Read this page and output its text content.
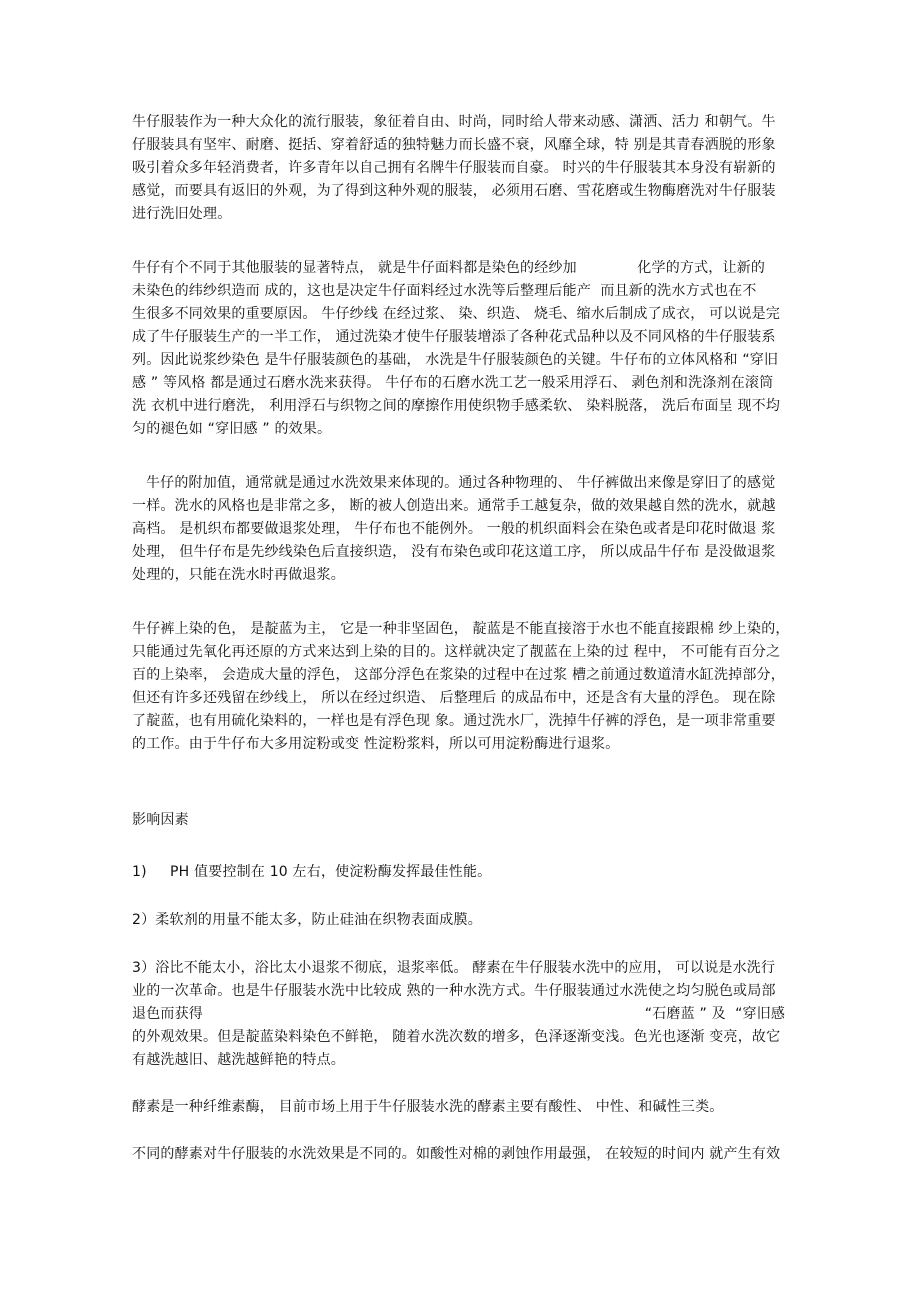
牛仔服装作为一种大众化的流行服装，象征着自由、时尚，同时给人带来动感、潇洒、活力 和朝气。牛
仔服装具有坚牢、耐磨、挺括、穿着舒适的独特魅力而长盛不衰，风靡全球，特 别是其青春洒脱的形象
吸引着众多年轻消费者，许多青年以自己拥有名牌牛仔服装而自豪。 时兴的牛仔服装其本身没有崭新的
感觉，而要具有返旧的外观，为了得到这种外观的服装， 必须用石磨、雪花磨或生物酶磨洗对牛仔服装
进行洗旧处理。
牛仔有个不同于其他服装的显著特点， 就是牛仔面料都是染色的经纱加             化学的方式，让新的
未染色的纬纱织造而 成的，这也是决定牛仔面料经过水洗等后整理后能产  而且新的洗水方式也在不
生很多不同效果的重要原因。 牛仔纱线 在经过浆、 染、织造、 烧毛、缩水后制成了成衣， 可以说是完
成了牛仔服装生产的一半工作， 通过洗染才使牛仔服装增添了各种花式品种以及不同风格的牛仔服装系
列。因此说浆纱染色 是牛仔服装颜色的基础， 水洗是牛仔服装颜色的关键。牛仔布的立体风格和 “穿旧
感 ” 等风格 都是通过石磨水洗来获得。 牛仔布的石磨水洗工艺一般采用浮石、 剥色剂和洗涤剂在滚筒
洗 衣机中进行磨洗， 利用浮石与织物之间的摩擦作用使织物手感柔软、 染料脱落， 洗后布面呈 现不均
匀的褪色如 “穿旧感 ” 的效果。
牛仔的附加值，通常就是通过水洗效果来体现的。通过各种物理的、 牛仔裤做出来像是穿旧了的感觉
一样。洗水的风格也是非常之多， 断的被人创造出来。通常手工越复杂，做的效果越自然的洗水，就越
高档。 是机织布都要做退浆处理， 牛仔布也不能例外。 一般的机织面料会在染色或者是印花时做退 浆
处理， 但牛仔布是先纱线染色后直接织造， 没有布染色或印花这道工序， 所以成品牛仔布 是没做退浆
处理的，只能在洗水时再做退浆。
牛仔裤上染的色， 是靛蓝为主， 它是一种非坚固色， 靛蓝是不能直接溶于水也不能直接跟棉 纱上染的，
只能通过先氧化再还原的方式来达到上染的目的。这样就决定了靓蓝在上染的过 程中， 不可能有百分之
百的上染率， 会造成大量的浮色， 这部分浮色在浆染的过程中在过浆 槽之前通过数道清水缸洗掉部分，
但还有许多还残留在纱线上， 所以在经过织造、 后整理后 的成品布中，还是含有大量的浮色。 现在除
了靛蓝，也有用硫化染料的，一样也是有浮色现 象。通过洗水厂，洗掉牛仔裤的浮色，是一项非常重要
的工作。由于牛仔布大多用淀粉或变 性淀粉浆料，所以可用淀粉酶进行退浆。
影响因素
1)     PH 值要控制在 10 左右，使淀粉酶发挥最佳性能。
2）柔软剂的用量不能太多，防止硅油在织物表面成膜。
3）浴比不能太小，浴比太小退浆不彻底，退浆率低。 酵素在牛仔服装水洗中的应用， 可以说是水洗行
业的一次革命。也是牛仔服装水洗中比较成 熟的一种水洗方式。牛仔服装通过水洗使之均匀脱色或局部
退色而获得                                                                                               “石磨蓝 ” 及  “穿旧感
的外观效果。但是靛蓝染料染色不鲜艳， 随着水洗次数的增多，色泽逐渐变浅。色光也逐渐 变亮，故它
有越洗越旧、越洗越鲜艳的特点。
酵素是一种纤维素酶， 目前市场上用于牛仔服装水洗的酵素主要有酸性、 中性、和碱性三类。
不同的酵素对牛仔服装的水洗效果是不同的。如酸性对棉的剥蚀作用最强， 在较短的时间内 就产生有效
